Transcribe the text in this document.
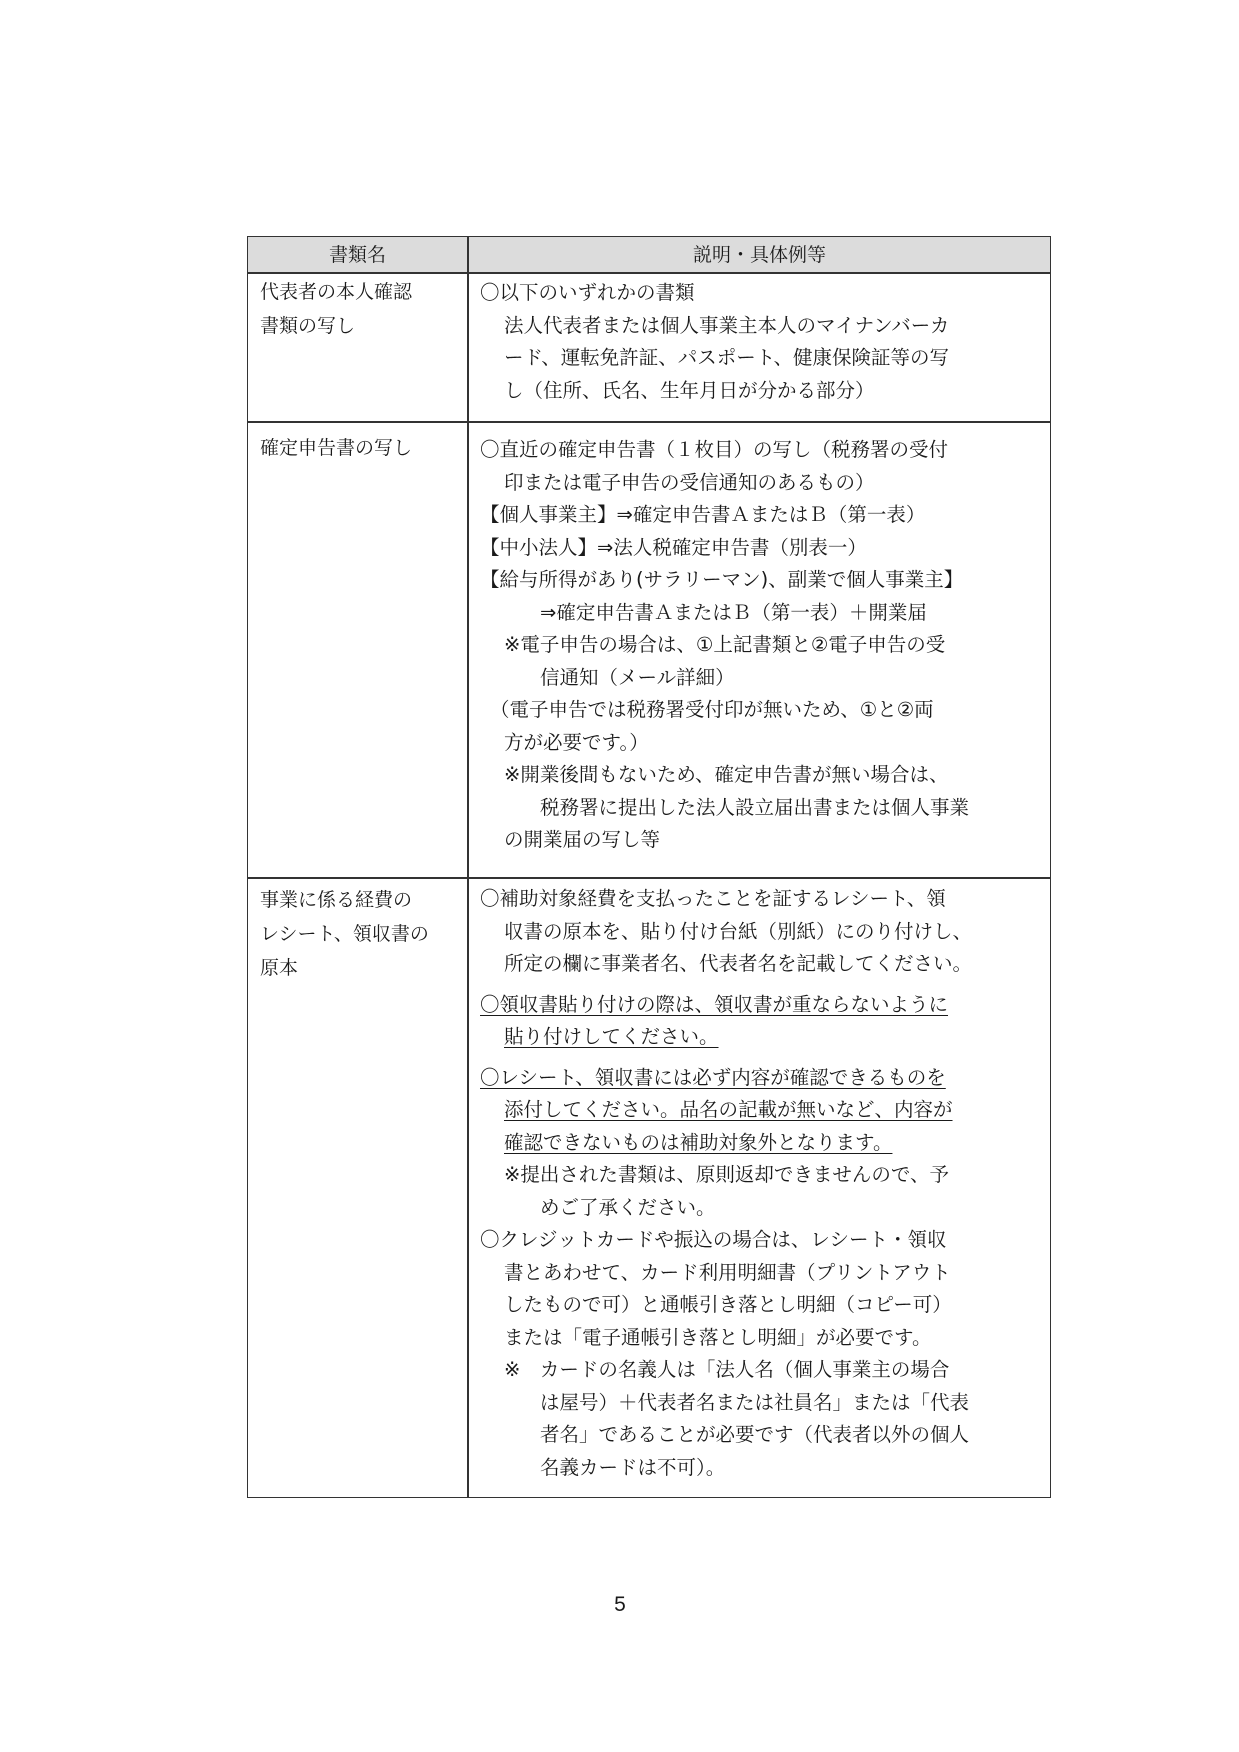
書類名	説明・具体例等
代表者の本人確認
書類の写し
〇以下のいずれかの書類
法人代表者または個人事業主本人のマイナンバーカ
ード、運転免許証、パスポート、健康保険証等の写
し（住所、氏名、生年月日が分かる部分）
確定申告書の写し	〇直近の確定申告書（１枚目）の写し（税務署の受付
印または電子申告の受信通知のあるもの）
【個人事業主】⇒確定申告書ＡまたはＢ（第一表）
【中小法人】⇒法人税確定申告書（別表一）
【給与所得があり(サラリーマン)、副業で個人事業主】
⇒確定申告書ＡまたはＢ（第一表）＋開業届
※電子申告の場合は、①上記書類と②電子申告の受
信通知（メール詳細）
（電子申告では税務署受付印が無いため、①と②両
方が必要です。）
※開業後間もないため、確定申告書が無い場合は、
税務署に提出した法人設立届出書または個人事業
の開業届の写し等
事業に係る経費の
レシート、領収書の
原本
〇補助対象経費を支払ったことを証するレシート、領
収書の原本を、貼り付け台紙（別紙）にのり付けし、
所定の欄に事業者名、代表者名を記載してください。
〇領収書貼り付けの際は、領収書が重ならないように
貼り付けしてください。
〇レシート、領収書には必ず内容が確認できるものを
添付してください。品名の記載が無いなど、内容が
確認できないものは補助対象外となります。
※提出された書類は、原則返却できませんので、予
めご了承ください。
〇クレジットカードや振込の場合は、レシート・領収
書とあわせて、カード利用明細書（プリントアウト
したもので可）と通帳引き落とし明細（コピー可）
または「電子通帳引き落とし明細」が必要です。
※　カードの名義人は「法人名（個人事業主の場合
は屋号）＋代表者名または社員名」または「代表
者名」であることが必要です（代表者以外の個人
名義カードは不可）。
5
